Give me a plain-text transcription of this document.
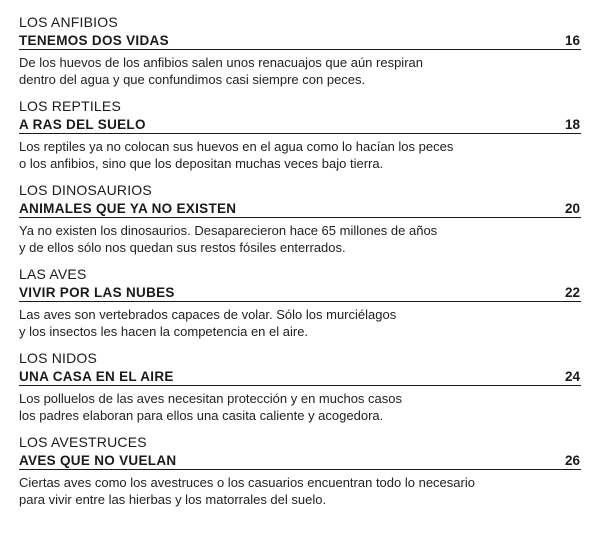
LOS ANFIBIOS
TENEMOS DOS VIDAS	16
De los huevos de los anfibios salen unos renacuajos que aún respiran
dentro del agua y que confundimos casi siempre con peces.
LOS REPTILES
A RAS DEL SUELO	18
Los reptiles ya no colocan sus huevos en el agua como lo hacían los peces
o los anfibios, sino que los depositan muchas veces bajo tierra.
LOS DINOSAURIOS
ANIMALES QUE YA NO EXISTEN	20
Ya no existen los dinosaurios. Desaparecieron hace 65 millones de años
y de ellos sólo nos quedan sus restos fósiles enterrados.
LAS AVES
VIVIR POR LAS NUBES	22
Las aves son vertebrados capaces de volar. Sólo los murciélagos
y los insectos les hacen la competencia en el aire.
LOS NIDOS
UNA CASA EN EL AIRE	24
Los polluelos de las aves necesitan protección y en muchos casos
los padres elaboran para ellos una casita caliente y acogedora.
LOS AVESTRUCES
AVES QUE NO VUELAN	26
Ciertas aves como los avestruces o los casuarios encuentran todo lo necesario
para vivir entre las hierbas y los matorrales del suelo.
